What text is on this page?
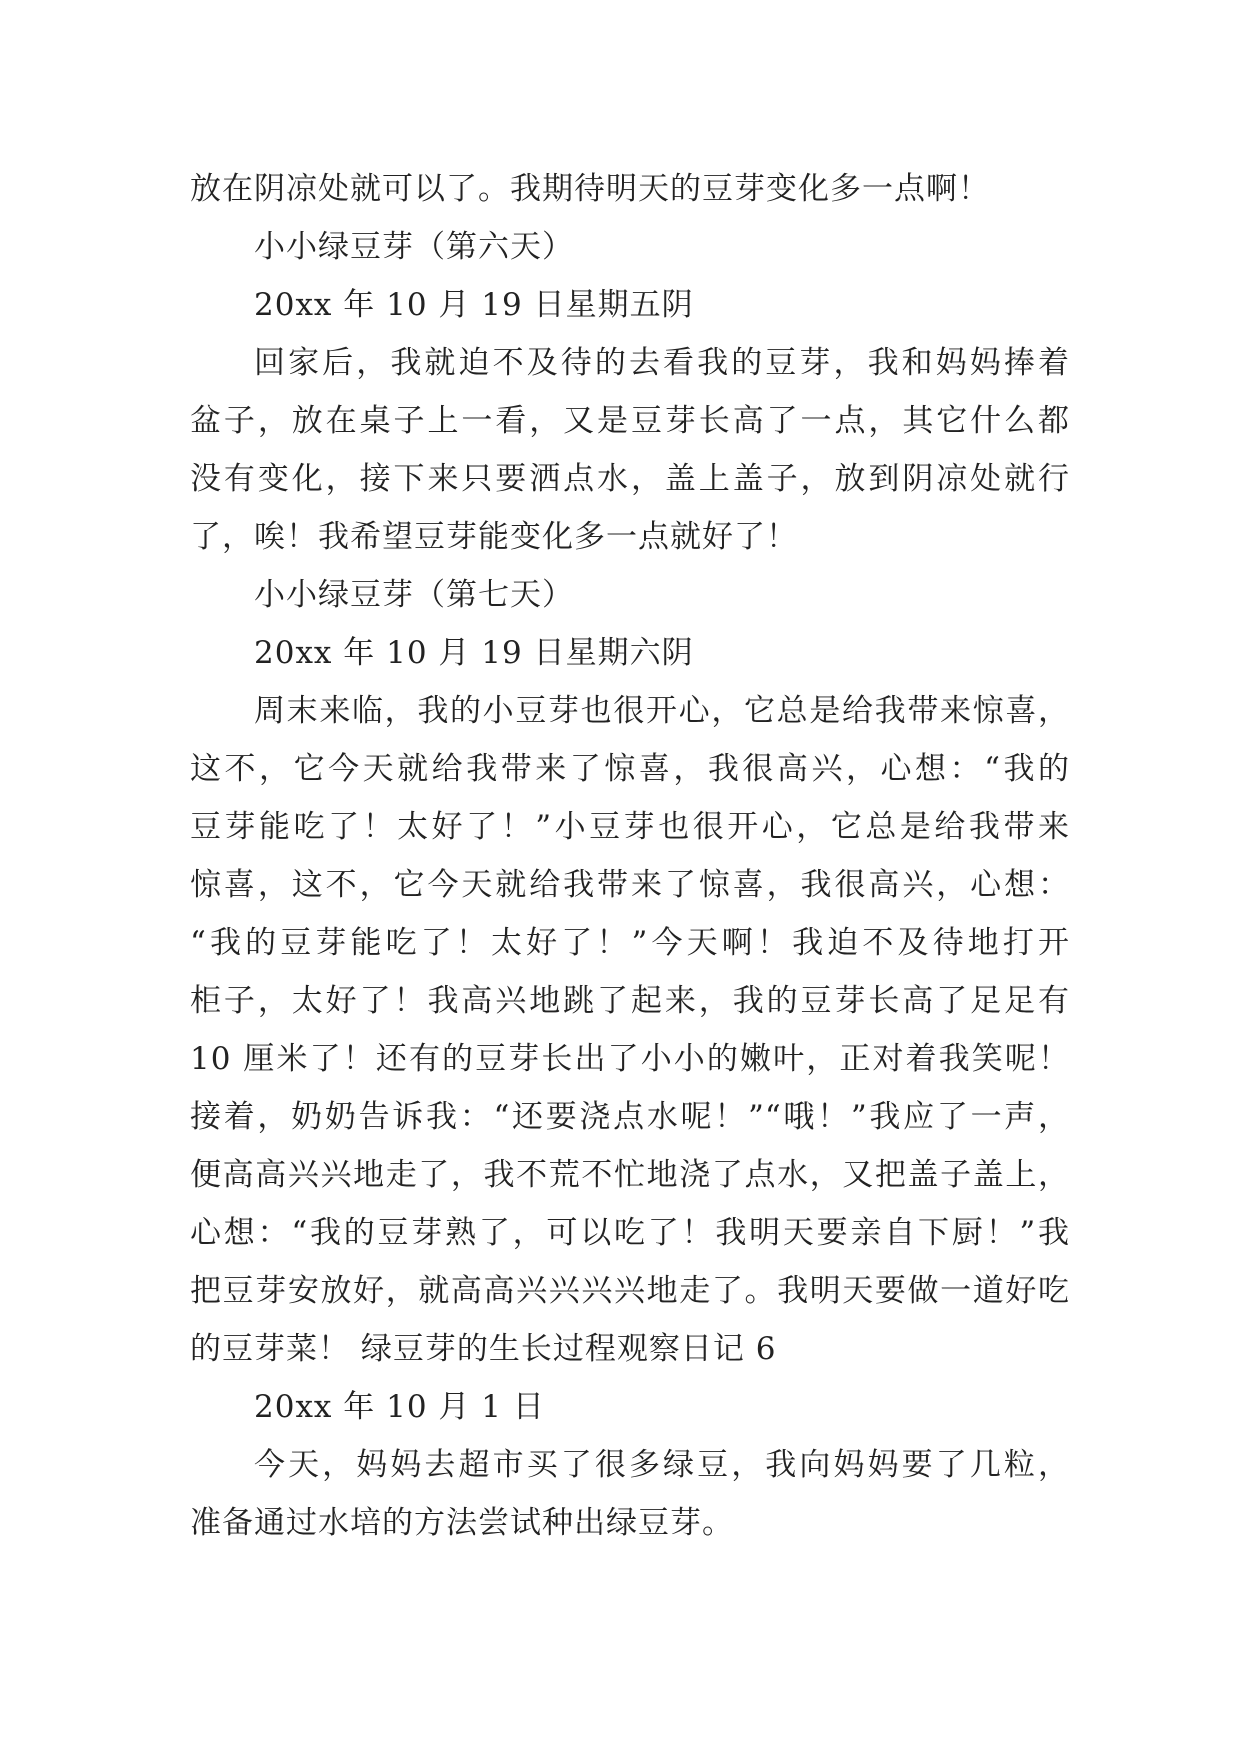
放在阴凉处就可以了。我期待明天的豆芽变化多一点啊！
小小绿豆芽（第六天）
20xx 年 10 月 19 日星期五阴
回家后，我就迫不及待的去看我的豆芽，我和妈妈捧着
盆子，放在桌子上一看，又是豆芽长高了一点，其它什么都
没有变化，接下来只要洒点水，盖上盖子，放到阴凉处就行
了，唉！我希望豆芽能变化多一点就好了！
小小绿豆芽（第七天）
20xx 年 10 月 19 日星期六阴
周末来临，我的小豆芽也很开心，它总是给我带来惊喜，
这不，它今天就给我带来了惊喜，我很高兴，心想：“我的
豆芽能吃了！太好了！”小豆芽也很开心，它总是给我带来
惊喜，这不，它今天就给我带来了惊喜，我很高兴，心想：
“我的豆芽能吃了！太好了！”今天啊！我迫不及待地打开
柜子，太好了！我高兴地跳了起来，我的豆芽长高了足足有
10 厘米了！还有的豆芽长出了小小的嫩叶，正对着我笑呢！
接着，奶奶告诉我：“还要浇点水呢！”“哦！”我应了一声，
便高高兴兴地走了，我不荒不忙地浇了点水，又把盖子盖上，
心想：“我的豆芽熟了，可以吃了！我明天要亲自下厨！”我
把豆芽安放好，就高高兴兴兴兴地走了。我明天要做一道好吃
的豆芽菜！ 绿豆芽的生长过程观察日记 6
20xx 年 10 月 1 日
今天，妈妈去超市买了很多绿豆，我向妈妈要了几粒，
准备通过水培的方法尝试种出绿豆芽。
